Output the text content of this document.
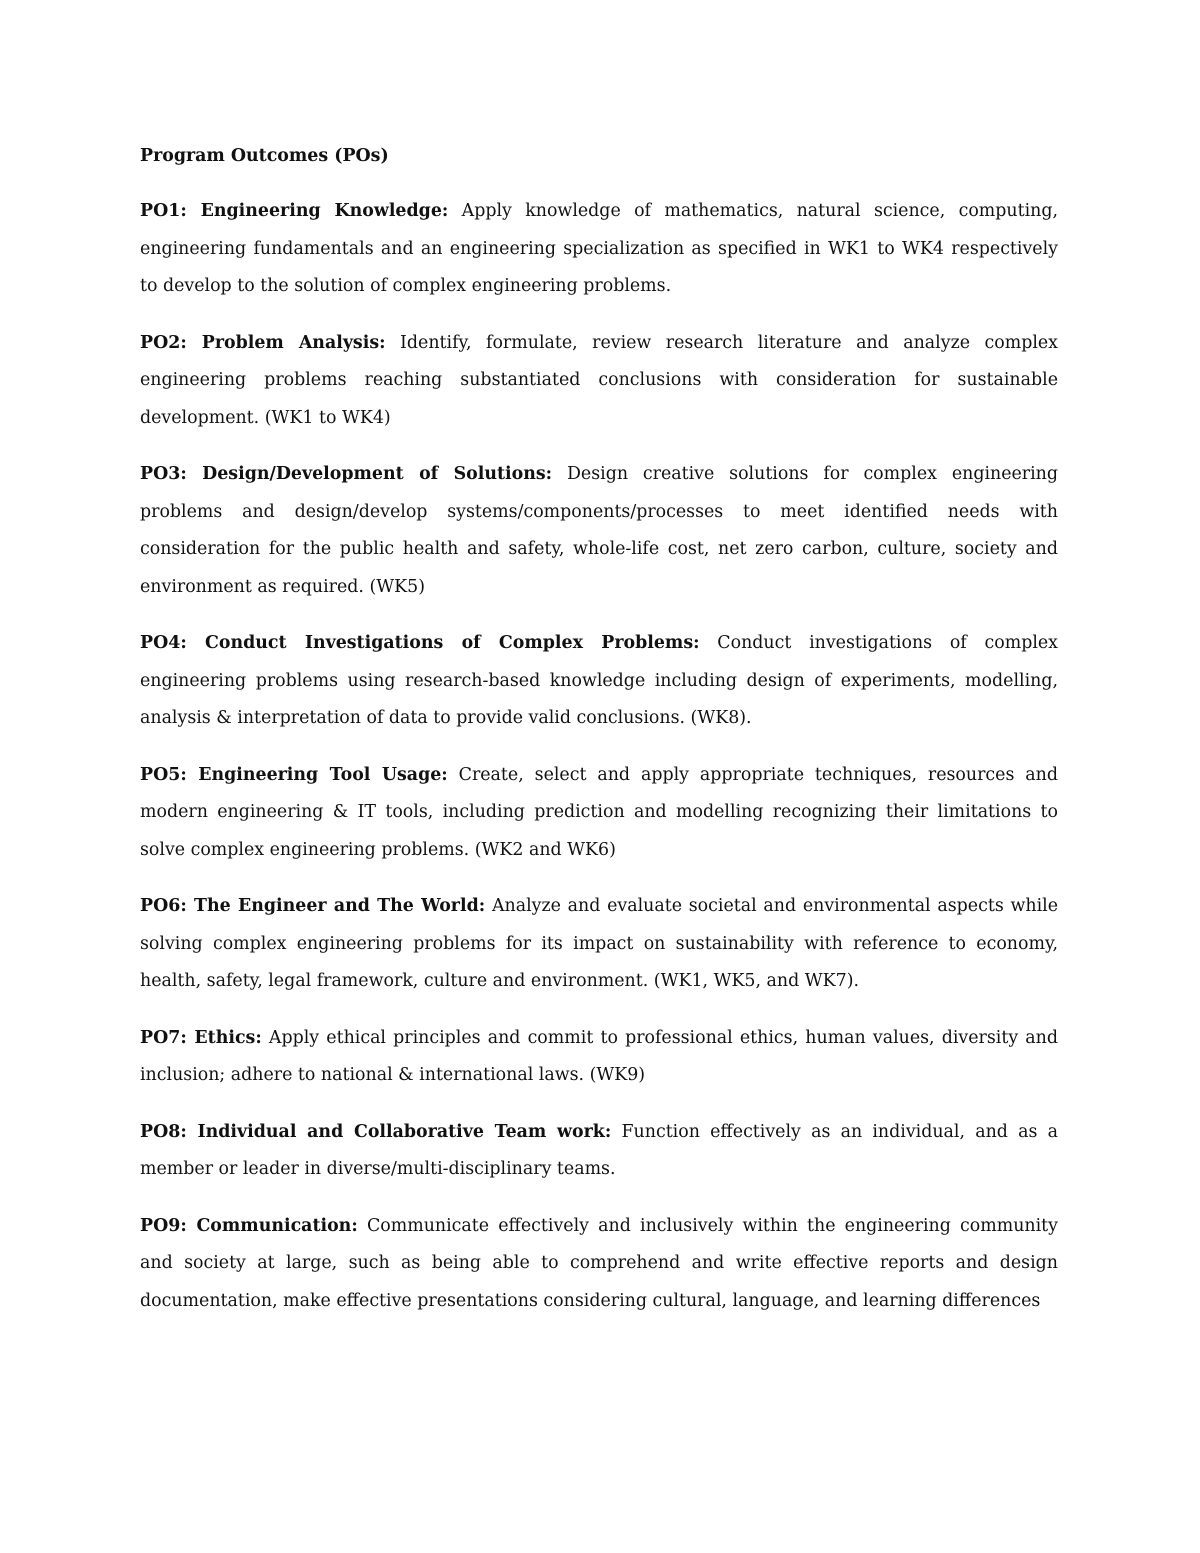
Program Outcomes (POs)

PO1: Engineering Knowledge: Apply knowledge of mathematics, natural science, computing, engineering fundamentals and an engineering specialization as specified in WK1 to WK4 respectively to develop to the solution of complex engineering problems.

PO2: Problem Analysis: Identify, formulate, review research literature and analyze complex engineering problems reaching substantiated conclusions with consideration for sustainable development. (WK1 to WK4)

PO3: Design/Development of Solutions: Design creative solutions for complex engineering problems and design/develop systems/components/processes to meet identified needs with consideration for the public health and safety, whole-life cost, net zero carbon, culture, society and environment as required. (WK5)

PO4: Conduct Investigations of Complex Problems: Conduct investigations of complex engineering problems using research-based knowledge including design of experiments, modelling, analysis & interpretation of data to provide valid conclusions. (WK8).

PO5: Engineering Tool Usage: Create, select and apply appropriate techniques, resources and modern engineering & IT tools, including prediction and modelling recognizing their limitations to solve complex engineering problems. (WK2 and WK6)

PO6: The Engineer and The World: Analyze and evaluate societal and environmental aspects while solving complex engineering problems for its impact on sustainability with reference to economy, health, safety, legal framework, culture and environment. (WK1, WK5, and WK7).

PO7: Ethics: Apply ethical principles and commit to professional ethics, human values, diversity and inclusion; adhere to national & international laws. (WK9)

PO8: Individual and Collaborative Team work: Function effectively as an individual, and as a member or leader in diverse/multi-disciplinary teams.

PO9: Communication: Communicate effectively and inclusively within the engineering community and society at large, such as being able to comprehend and write effective reports and design documentation, make effective presentations considering cultural, language, and learning differences
